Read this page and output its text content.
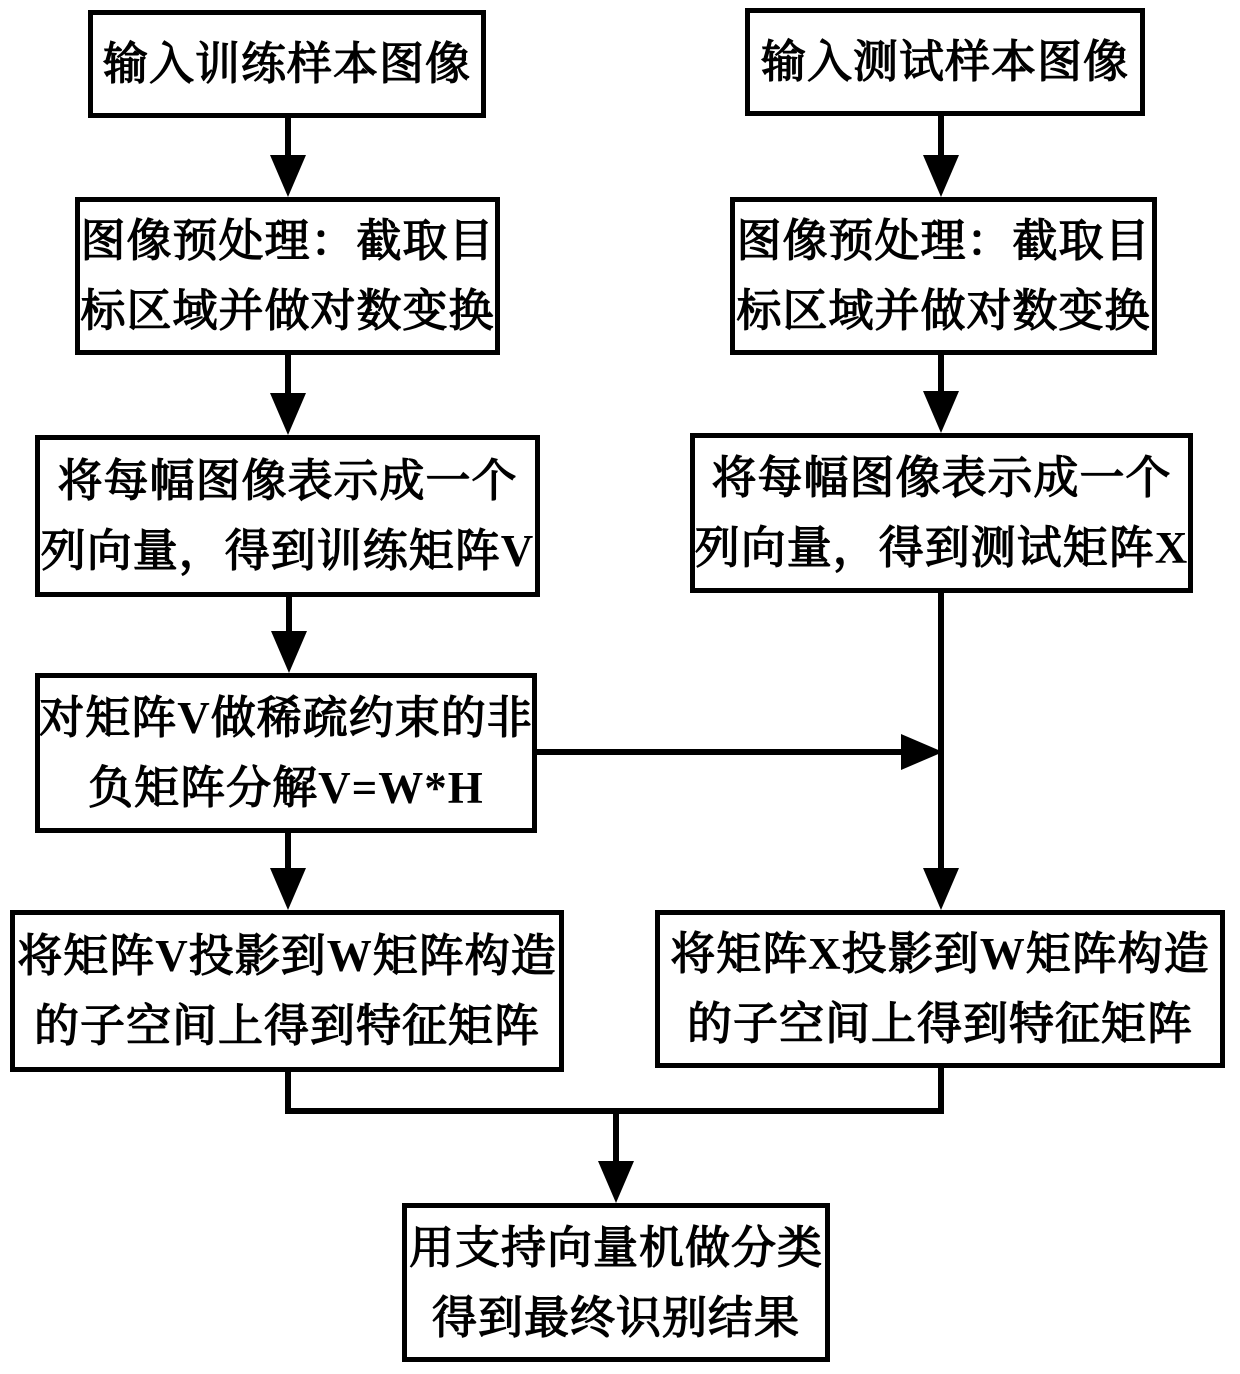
输入训练样本图像	输入测试样本图像
图像预处理：截取目
标区域并做对数变换
图像预处理：截取目
标区域并做对数变换
将每幅图像表示成一个
列向量，得到训练矩阵V
将每幅图像表示成一个
列向量，得到测试矩阵X
对矩阵V做稀疏约束的非
负矩阵分解V=W*H
将矩阵V投影到W矩阵构造
的子空间上得到特征矩阵
将矩阵X投影到W矩阵构造
的子空间上得到特征矩阵
用支持向量机做分类
得到最终识别结果
